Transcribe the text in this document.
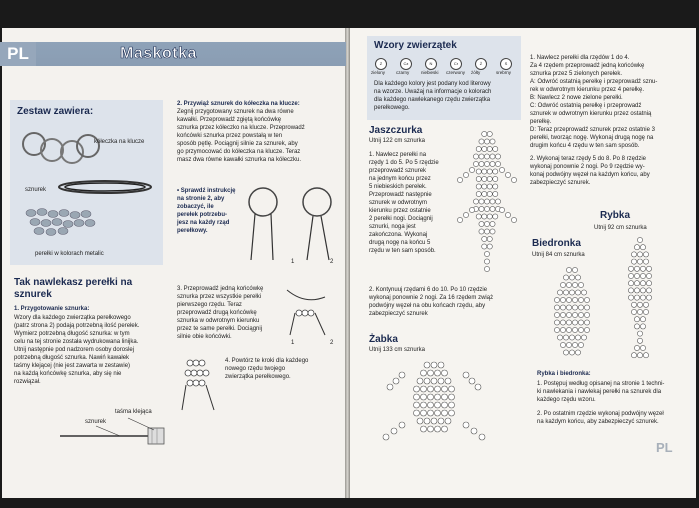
PL	Maskotka
Zestaw zawiera:
kółeczka na klucze
sznurek
perełki w kolorach metalic
Tak nawlekasz perełki na
sznurek
1. Przygotowanie sznurka:
Wzory dla każdego zwierzątka perełkowego
(patrz strona 2) podają potrzebną ilość perełek.
Wymierz potrzebną długość sznurka: w tym
celu na tej stronie została wydrukowana linijka.
Utnij następnie pod nadzorem osoby doroslej
potrzebną długość sznurka. Nawiń kawałek
taśmy klejącej (nie jest zawarta w zestawie)
na każdą końcówkę sznurka, aby się nie
rozwiązał.
taśma klejąca
sznurek
2. Przywiąż sznurek do kółeczka na klucze:
Zegnij przygotowany sznurek na dwa równe
kawałki. Przeprowadź zgiętą końcówkę
sznurka przez kółeczko na klucze. Przeprowadź
końcówki sznurka przez powstałą w ten
sposób pętlę. Pociągnij silnie za sznurek, aby
go przymocować do kółeczka na klucze. Teraz
masz dwa równe kawałki sznurka na kółeczku.
• Sprawdź instrukcję
na stronie 2, aby
zobaczyć, ile
perełek potrzebu-
jesz na każdy rząd
perełkowy.
1	2
3. Przeprowadź jedną końcówkę
sznurka przez wszystkie perełki
pierwszego rzędu. Teraz
przeprowadź drugą końcówkę
sznurka w odwrotnym kierunku
przez te same perełki. Dociągnij
silnie obie końcówki.
1	2
4. Powtórz te kroki dla każdego
nowego rzędu twojego
zwierzątka perełkowego.
Wzory zwierzątek
Z
zielony
Cz
czarny
N
niebieski
Cr
czerwony
Ż
żółty
S
srebrny
Dla każdego kolory jest podany kod literowy
na wzorze. Uważaj na informacje o kolorach
dla każdego nawlekanego rzędu zwierzątka
perełkowego.
Jaszczurka
Utnij 122 cm sznurka
1. Nawlecz perełki na
rzędy 1 do 5. Po 5 rzędzie
przeprowadź sznurek
na jednym końcu przez
5 niebieskich perełek.
Przeprowadź następnie
sznurek w odwrotnym
kierunku przez ostatnie
2 perełki nogi. Dociągnij
sznurki, noga jest
zakończona. Wykonaj
drugą nogę na końcu 5
rzędu w ten sam sposób.
2. Kontynuuj rzędami 6 do 10. Po 10 rzędzie
wykonaj ponownie 2 nogi. Za 16 rzędem zwiąż
podwójny węzeł na obu końcach rzędu, aby
zabezpieczyć sznurek
Żabka
Utnij 133 cm sznurka
1. Nawlecz perełki dla rzędów 1 do 4.
Za 4 rzędem przeprowadź jedną końcówkę
sznurka przez 5 zielonych perełek.
A: Odwróć ostatnią perełkę i przeprowadź sznu-
rek w odwrotnym kierunku przez 4 perełkę.
B: Nawlecz 2 nowe zielone perełki.
C: Odwróć ostatnią perełkę i przeprowadź
sznurek w odwrotnym kierunku przez ostatnią
perełkę.
D: Teraz przeprowadź sznurek przez ostatnie 3
perełki, tworząc nogę. Wykonaj drugą nogę na
drugim końcu 4 rzędu w ten sam sposób.
2. Wykonaj teraz rzędy 5 do 8. Po 8 rzędzie
wykonaj ponownie 2 nogi. Po 9 rzędzie wy-
konaj podwójny węzeł na każdym końcu, aby
zabezpieczyć sznurek.
Rybka
Utnij 92 cm sznurka
Biedronka
Utnij 84 cm sznurka
Rybka i biedronka:
1. Postępuj według opisanej na stronie 1 techni-
ki nawlekania i nawlekaj perełki na sznurek dla
każdego rzędu wzoru.
2. Po ostatnim rzędzie wykonaj podwójny węzeł
na każdym końcu, aby zabezpieczyć sznurek.
PL
